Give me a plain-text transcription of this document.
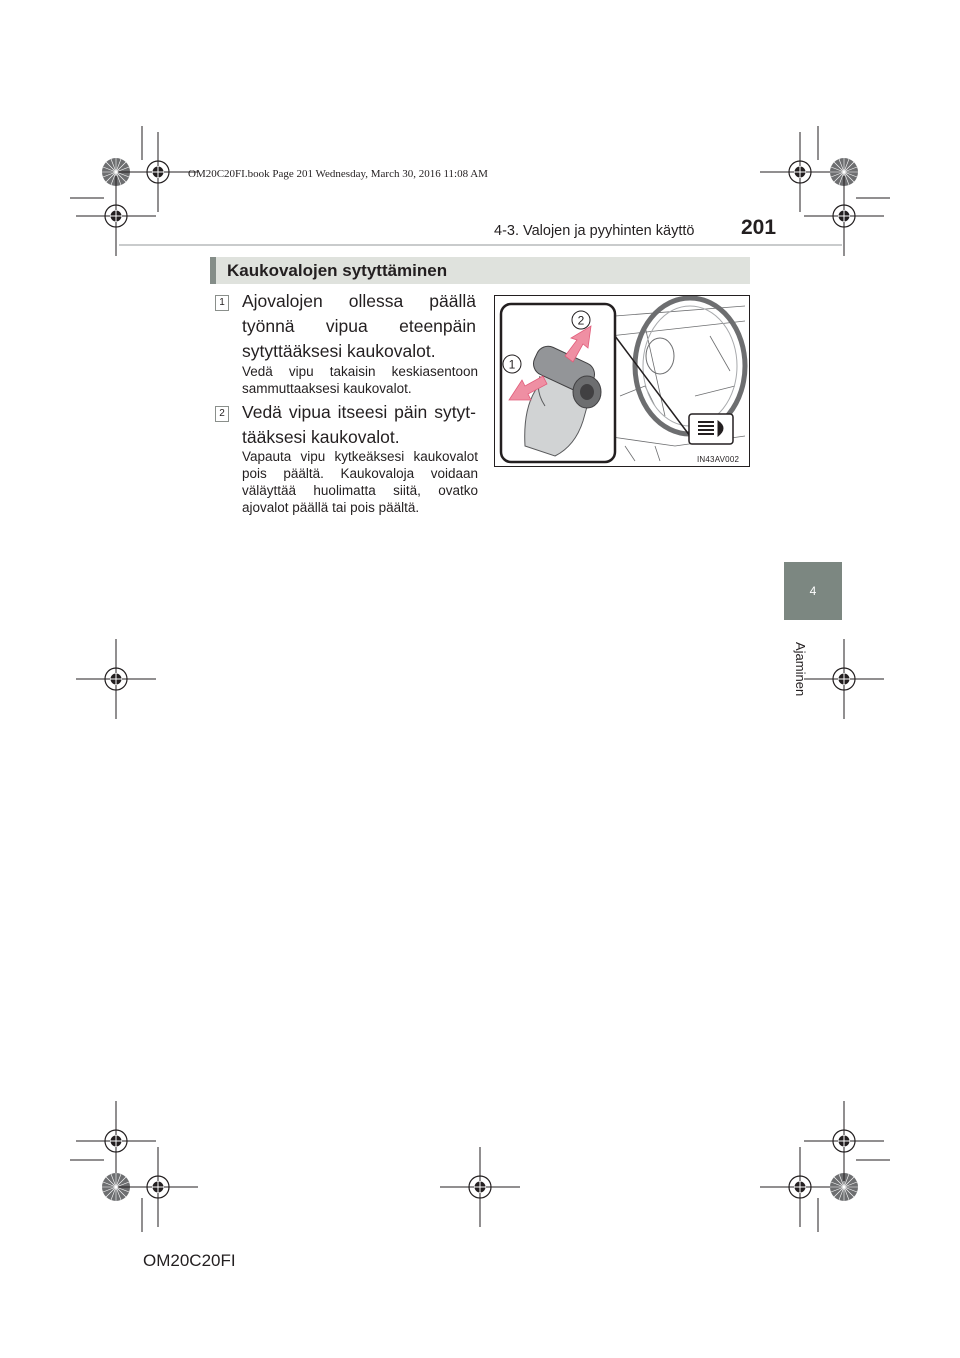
OM20C20FI.book Page 201 Wednesday, March 30, 2016 11:08 AM
4-3. Valojen ja pyyhinten käyttö 201
4
Ajaminen
Kaukovalojen sytyttäminen
1 Ajovalojen ollessa päällä työnnä vipua eteenpäin sytyttääksesi kaukovalot.
Vedä vipu takaisin keskiasentoon sammuttaaksesi kaukovalot.
2 Vedä vipua itseesi päin sytyttääksesi kaukovalot.
Vapauta vipu kytkeäksesi kaukovalot pois päältä. Kaukovaloja voidaan väläyttää huolimatta siitä, ovatko ajovalot päällä tai pois päältä.
2
1
IN43AV002
OM20C20FI
